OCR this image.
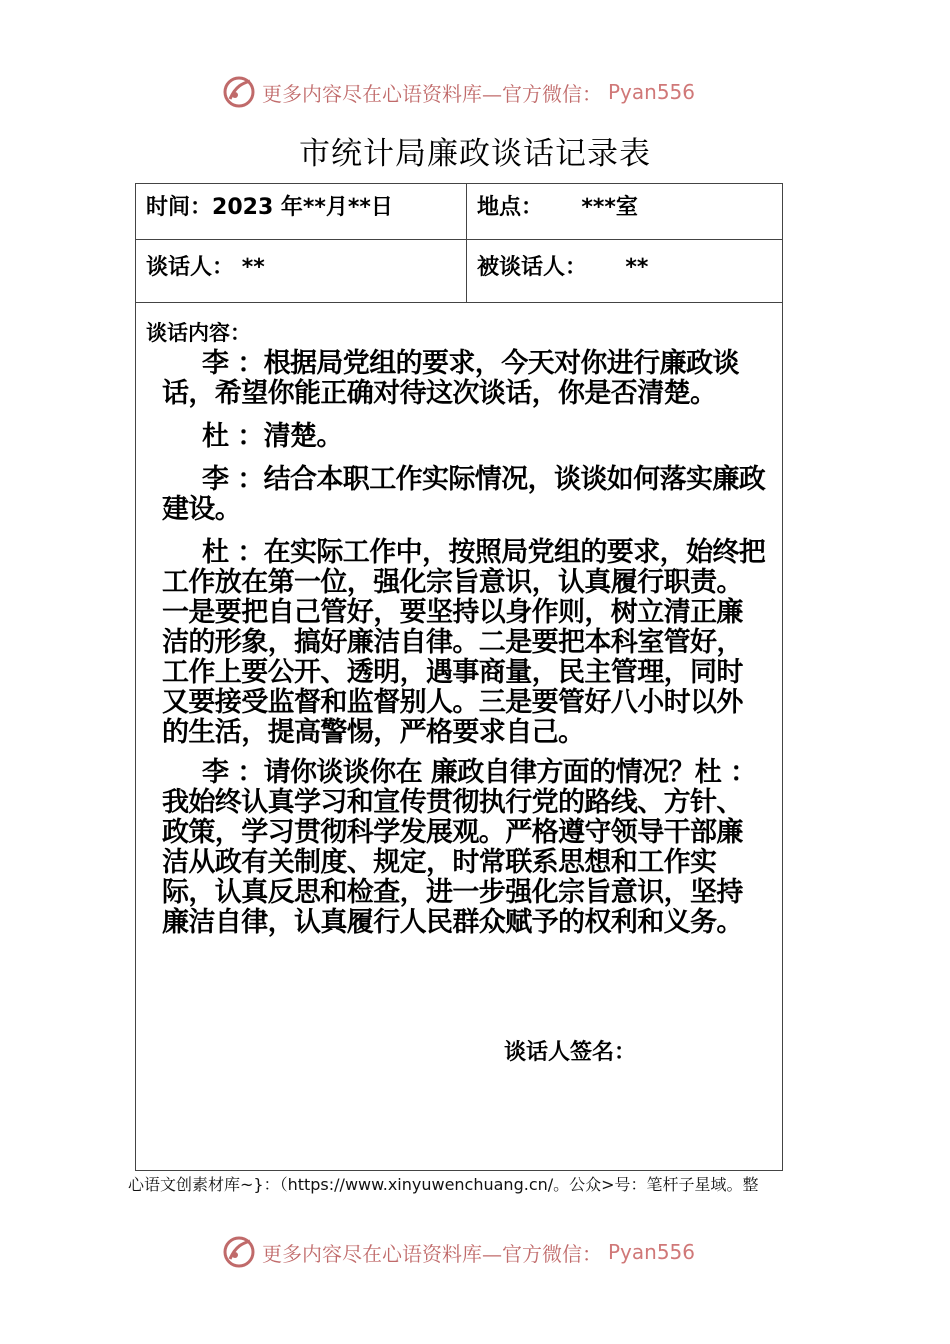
更多内容尽在心语资料库—官方微信： Pyan556
市统计局廉政谈话记录表
时间：2023 年**月**日	地点： ***室
谈话人： **	被谈话人： **
谈话内容：

李 ：根据局党组的要求，今天对你进行廉政谈话，希望你能正确对待这次谈话，你是否清楚。

杜 ：清楚。

李 ：结合本职工作实际情况，谈谈如何落实廉政建设。

杜 ：在实际工作中，按照局党组的要求，始终把工作放在第一位，强化宗旨意识，认真履行职责。一是要把自己管好，要坚持以身作则，树立清正廉洁的形象，搞好廉洁自律。二是要把本科室管好，工作上要公开、透明，遇事商量，民主管理，同时又要接受监督和监督别人。三是要管好八小时以外的生活，提高警惕，严格要求自己。

李 ：请你谈谈你在 廉政自律方面的情况？杜 ：我始终认真学习和宣传贯彻执行党的路线、方针、政策，学习贯彻科学发展观。严格遵守领导干部廉洁从政有关制度、规定，时常联系思想和工作实际，认真反思和检查，进一步强化宗旨意识，坚持廉洁自律，认真履行人民群众赋予的权利和义务。

谈话人签名：
心语文创素材库~}：（https://www.xinyuwenchuang.cn/。公众>号：笔杆子星域。整
更多内容尽在心语资料库—官方微信： Pyan556
